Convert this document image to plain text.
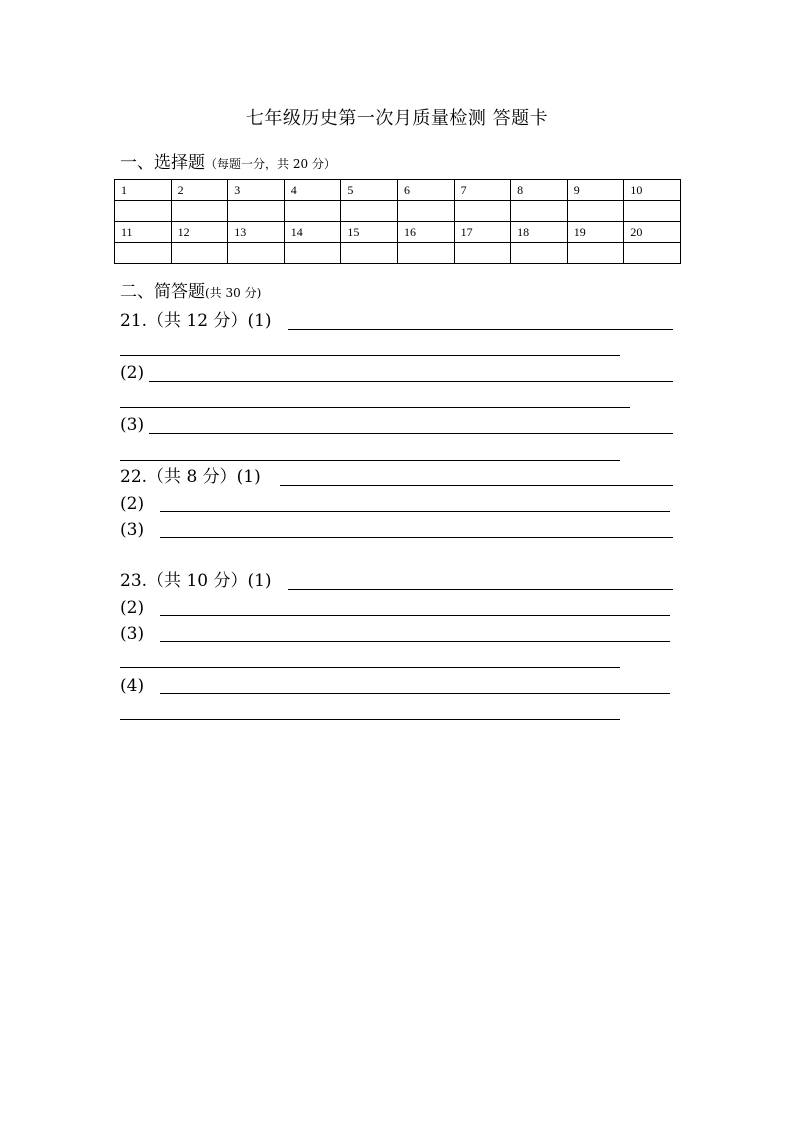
七年级历史第一次月质量检测 答题卡
一、选择题（每题一分，共 20 分）
1	2	3	4	5	6	7	8	9	10

11	12	13	14	15	16	17	18	19	20

二、简答题(共 30 分)
21.（共 12 分）(1)
(2)
(3)
22.（共 8 分）(1)
(2)
(3)
23.（共 10 分）(1)
(2)
(3)
(4)
